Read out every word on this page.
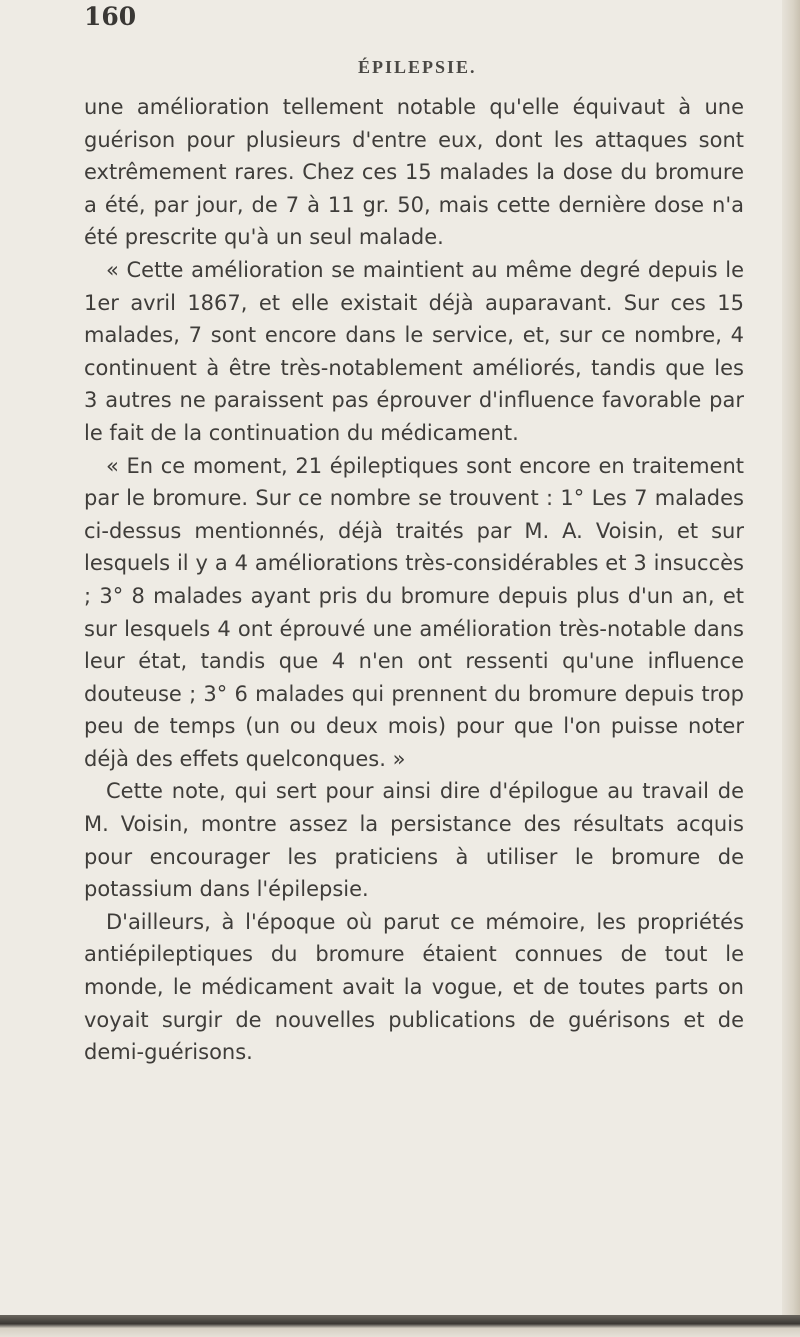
160
ÉPILEPSIE.

une amélioration tellement notable qu'elle équivaut à une guérison pour plusieurs d'entre eux, dont les attaques sont extrêmement rares. Chez ces 15 malades la dose du bromure a été, par jour, de 7 à 11 gr. 50, mais cette dernière dose n'a été prescrite qu'à un seul malade.

« Cette amélioration se maintient au même degré depuis le 1er avril 1867, et elle existait déjà auparavant. Sur ces 15 malades, 7 sont encore dans le service, et, sur ce nombre, 4 continuent à être très-notablement améliorés, tandis que les 3 autres ne paraissent pas éprouver d'influence favorable par le fait de la continuation du médicament.

« En ce moment, 21 épileptiques sont encore en traitement par le bromure. Sur ce nombre se trouvent : 1° Les 7 malades ci-dessus mentionnés, déjà traités par M. A. Voisin, et sur lesquels il y a 4 améliorations très-considérables et 3 insuccès ; 3° 8 malades ayant pris du bromure depuis plus d'un an, et sur lesquels 4 ont éprouvé une amélioration très-notable dans leur état, tandis que 4 n'en ont ressenti qu'une influence douteuse ; 3° 6 malades qui prennent du bromure depuis trop peu de temps (un ou deux mois) pour que l'on puisse noter déjà des effets quelconques. »

Cette note, qui sert pour ainsi dire d'épilogue au travail de M. Voisin, montre assez la persistance des résultats acquis pour encourager les praticiens à utiliser le bromure de potassium dans l'épilepsie.

D'ailleurs, à l'époque où parut ce mémoire, les propriétés antiépileptiques du bromure étaient connues de tout le monde, le médicament avait la vogue, et de toutes parts on voyait surgir de nouvelles publications de guérisons et de demi-guérisons.
